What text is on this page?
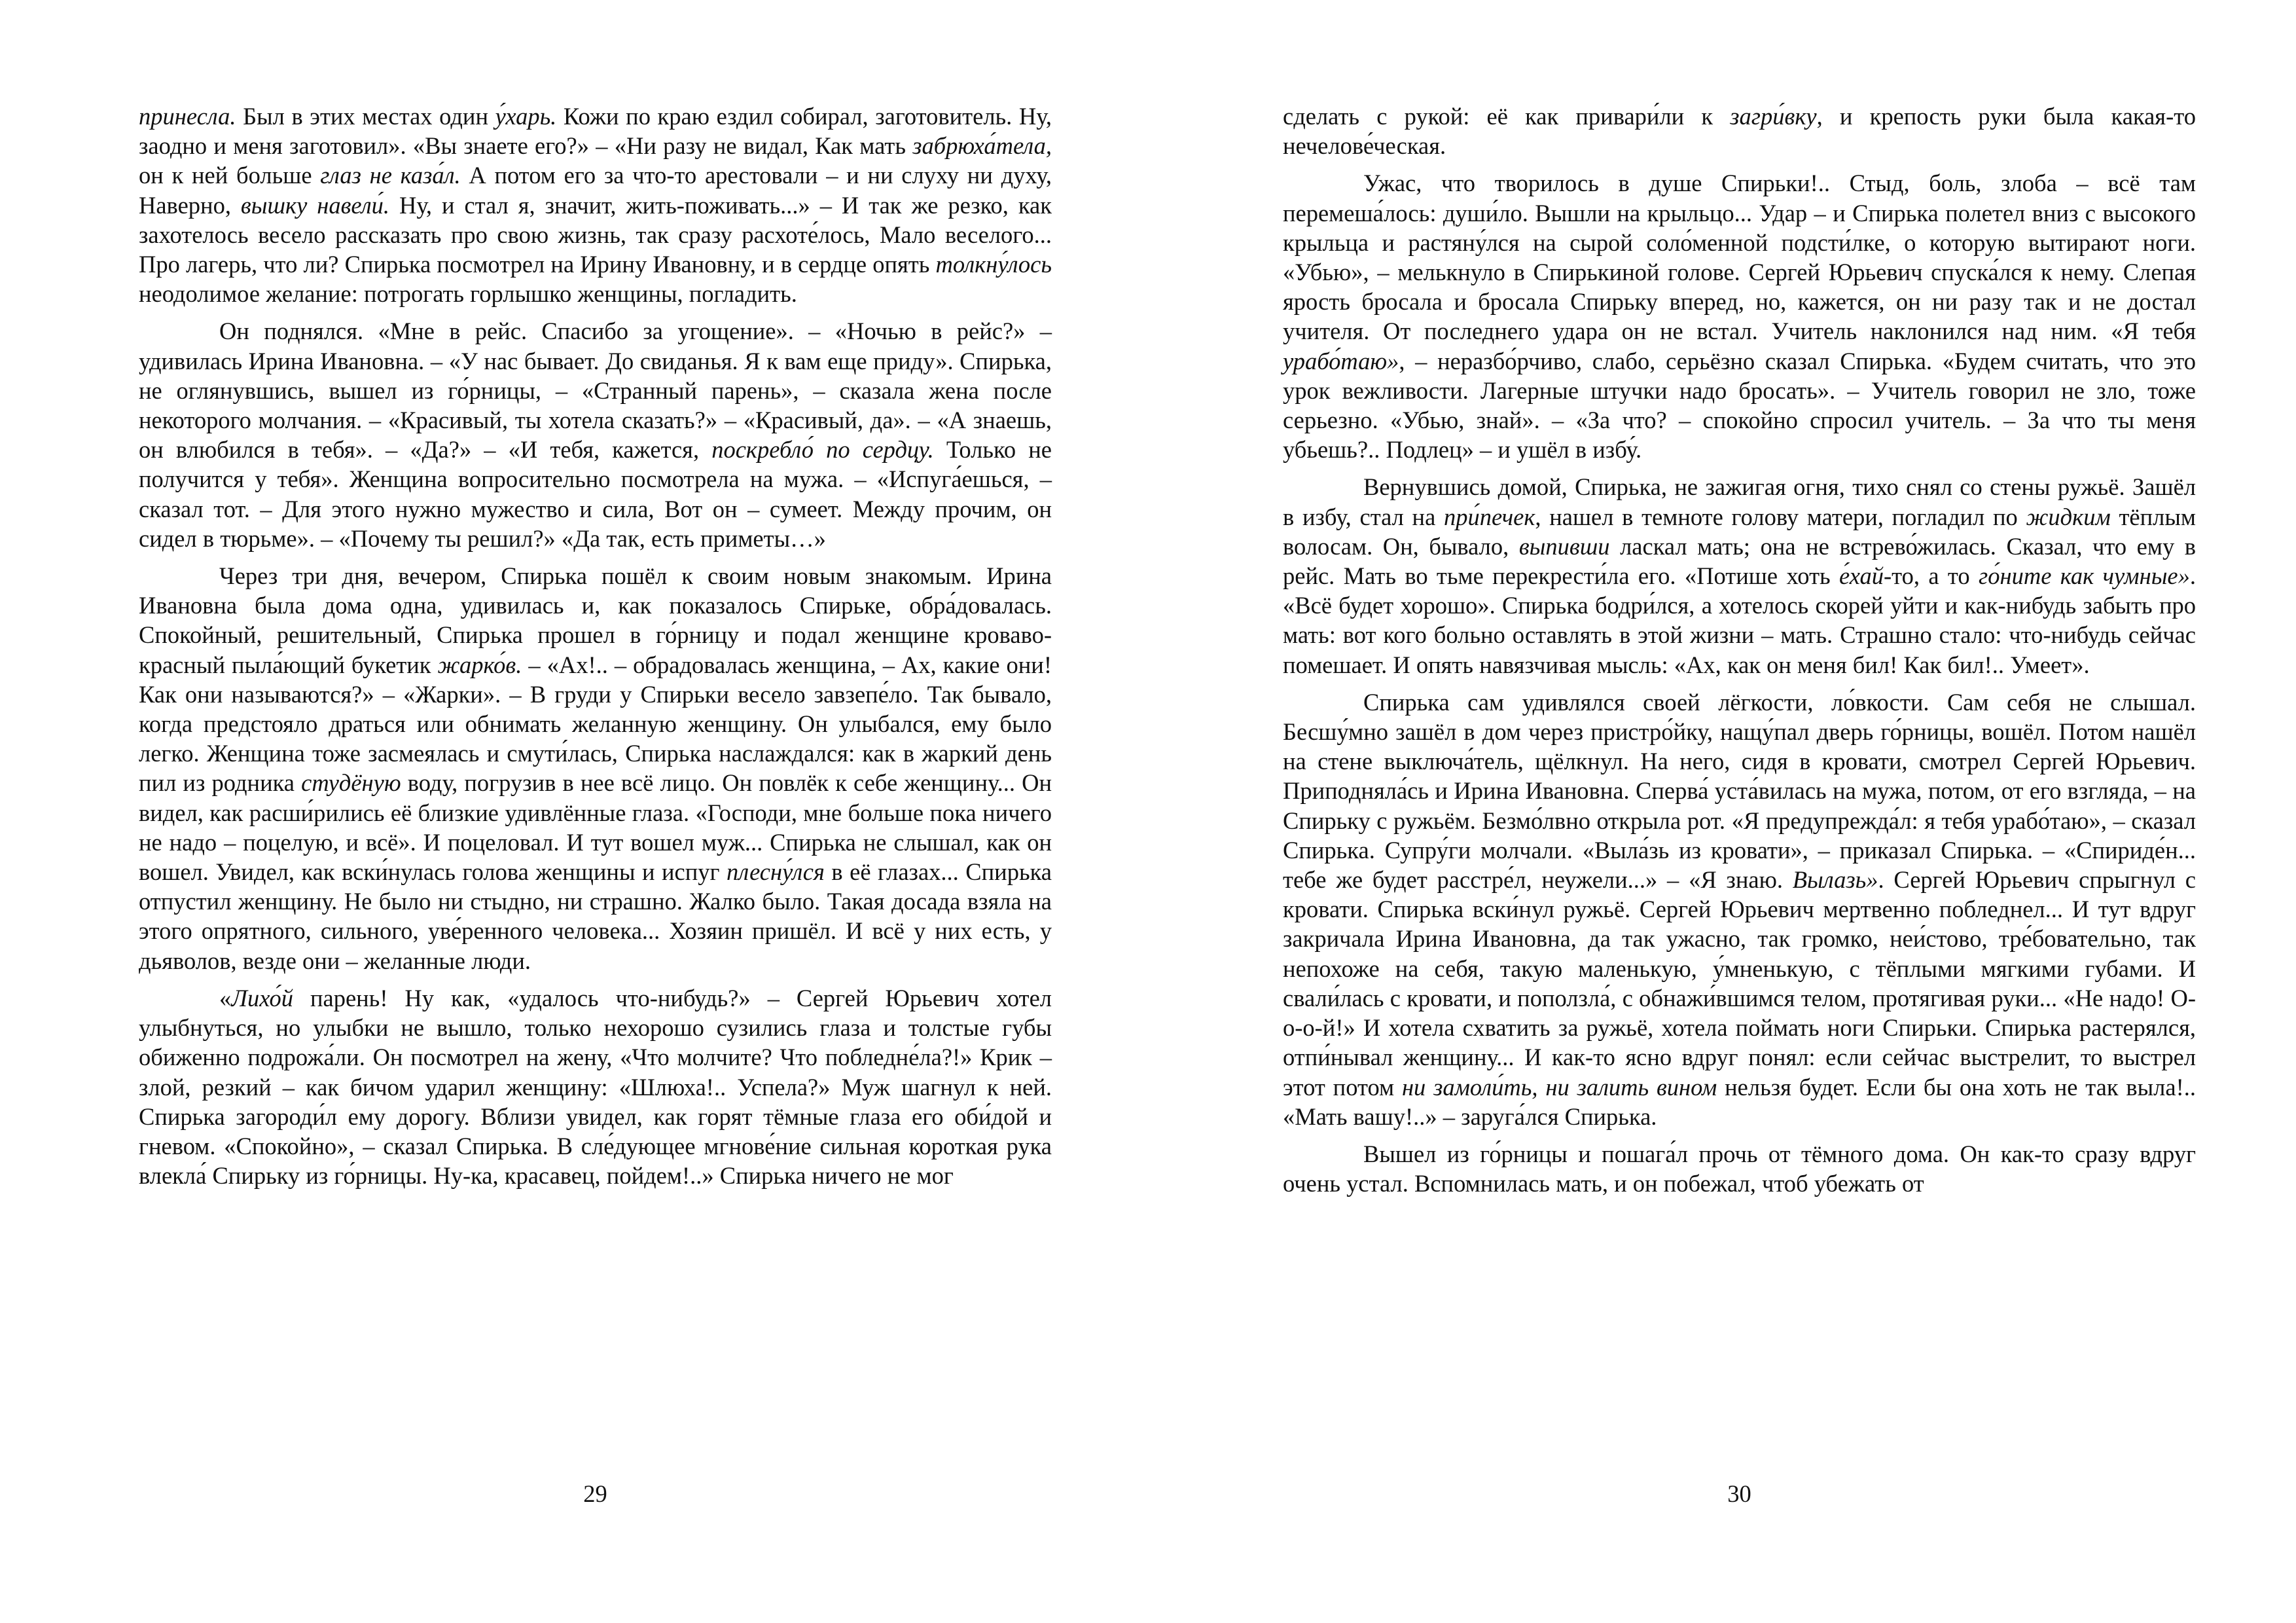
принесла. Был в этих местах один у́харь. Кожи по краю ездил собирал, заготовитель. Ну, заодно и меня заготовил». «Вы знаете его?» – «Ни разу не видал, Как мать забрюха́тела, он к ней больше глаз не каза́л. А потом его за что-то арестовали – и ни слуху ни духу, Наверно, вышку навели́. Ну, и стал я, значит, жить-поживать...» – И так же резко, как захотелось весело рассказать про свою жизнь, так сразу расхоте́лось, Мало веселого... Про лагерь, что ли? Спирька посмотрел на Ирину Ивановну, и в сердце опять толкну́лось неодолимое желание: потрогать горлышко женщины, погладить.

Он поднялся. «Мне в рейс. Спасибо за угощение». – «Ночью в рейс?» – удивилась Ирина Ивановна. – «У нас бывает. До свиданья. Я к вам еще приду». Спирька, не оглянувшись, вышел из го́рницы, – «Странный парень», – сказала жена после некоторого молчания. – «Красивый, ты хотела сказать?» – «Красивый, да». – «А знаешь, он влюбился в тебя». – «Да?» – «И тебя, кажется, поскребло́ по сердцу. Только не получится у тебя». Женщина вопросительно посмотрела на мужа. – «Испуга́ешься, – сказал тот. – Для этого нужно мужество и сила, Вот он – сумеет. Между прочим, он сидел в тюрьме». – «Почему ты решил?» «Да так, есть приметы…»

Через три дня, вечером, Спирька пошёл к своим новым знакомым. Ирина Ивановна была дома одна, удивилась и, как показалось Спирьке, обра́довалась. Спокойный, решительный, Спирька прошел в го́рницу и подал женщине кроваво-красный пыла́ющий букетик жарко́в. – «Ах!.. – обрадовалась женщина, – Ах, какие они! Как они называются?» – «Жарки». – В груди у Спирьки весело завзепе́ло. Так бывало, когда предстояло драться или обнимать желанную женщину. Он улыбался, ему было легко. Женщина тоже засмеялась и смути́лась, Спирька наслаждался: как в жаркий день пил из родника студёную воду, погрузив в нее всё лицо. Он повлёк к себе женщину... Он видел, как расши́рились её близкие удивлённые глаза. «Господи, мне больше пока ничего не надо – поцелую, и всё». И поцеловал. И тут вошел муж... Спирька не слышал, как он вошел. Увидел, как вски́нулась голова женщины и испуг плесну́лся в её глазах... Спирька отпустил женщину. Не было ни стыдно, ни страшно. Жалко было. Такая досада взяла на этого опрятного, сильного, уве́ренного человека... Хозяин пришёл. И всё у них есть, у дьяволов, везде они – желанные люди.

«Лихо́й парень! Ну как, «удалось что-нибудь?» – Сергей Юрьевич хотел улыбнуться, но улыбки не вышло, только нехорошо сузились глаза и толстые губы обиженно подрожа́ли. Он посмотрел на жену, «Что молчите? Что побледне́ла?!» Крик – злой, резкий – как бичом ударил женщину: «Шлюха!.. Успела?» Муж шагнул к ней. Спирька загороди́л ему дорогу. Вблизи увидел, как горят тёмные глаза его оби́дой и гневом. «Спокойно», – сказал Спирька. В сле́дующее мгнове́ние сильная короткая рука влекла́ Спирьку из го́рницы. Ну-ка, красавец, пойдем!..» Спирька ничего не мог

29

сделать с рукой: её как привари́ли к загри́вку, и крепость руки была какая-то нечелове́ческая.

Ужас, что творилось в душе Спирьки!.. Стыд, боль, злоба – всё там перемеша́лось: души́ло. Вышли на крыльцо... Удар – и Спирька полетел вниз с высокого крыльца и растяну́лся на сырой соло́менной подсти́лке, о которую вытирают ноги. «Убью», – мелькнуло в Спирькиной голове. Сергей Юрьевич спуска́лся к нему. Слепая ярость бросала и бросала Спирьку вперед, но, кажется, он ни разу так и не достал учителя. От последнего удара он не встал. Учитель наклонился над ним. «Я тебя урабо́таю», – неразбо́рчиво, слабо, серьёзно сказал Спирька. «Будем считать, что это урок вежливости. Лагерные штучки надо бросать». – Учитель говорил не зло, тоже серьезно. «Убью, знай». – «За что? – спокойно спросил учитель. – За что ты меня убьешь?.. Подлец» – и ушёл в избу́.

Вернувшись домой, Спирька, не зажигая огня, тихо снял со стены ружьё. Зашёл в избу, стал на при́печек, нашел в темноте голову матери, погладил по жидким тёплым волосам. Он, бывало, выпивши ласкал мать; она не встрево́жилась. Сказал, что ему в рейс. Мать во тьме перекрести́ла его. «Потише хоть е́хай-то, а то го́ните как чумные». «Всё будет хорошо». Спирька бодри́лся, а хотелось скорей уйти и как-нибудь забыть про мать: вот кого больно оставлять в этой жизни – мать. Страшно стало: что-нибудь сейчас помешает. И опять навязчивая мысль: «Ах, как он меня бил! Как бил!.. Умеет».

Спирька сам удивлялся своей лёгкости, ло́вкости. Сам себя не слышал. Бесшу́мно зашёл в дом через пристро́йку, нащу́пал дверь го́рницы, вошёл. Потом нашёл на стене выключа́тель, щёлкнул. На него, сидя в кровати, смотрел Сергей Юрьевич. Приподняла́сь и Ирина Ивановна. Сперва́ уста́вилась на мужа, потом, от его взгляда, – на Спирьку с ружьём. Безмо́лвно открыла рот. «Я предупрежда́л: я тебя урабо́таю», – сказал Спирька. Супру́ги молчали. «Выла́зь из кровати», – приказал Спирька. – «Спириде́н... тебе же будет расстре́л, неужели...» – «Я знаю. Вылазь». Сергей Юрьевич спрыгнул с кровати. Спирька вски́нул ружьё. Сергей Юрьевич мертвенно побледнел... И тут вдруг закричала Ирина Ивановна, да так ужасно, так громко, неи́стово, тре́бовательно, так непохоже на себя, такую маленькую, у́мненькую, с тёплыми мягкими губами. И свали́лась с кровати, и поползла́, с обнажи́вшимся телом, протягивая руки... «Не надо! О-о-о-й!» И хотела схватить за ружьё, хотела поймать ноги Спирьки. Спирька растерялся, отпи́нывал женщину... И как-то ясно вдруг понял: если сейчас выстрелит, то выстрел этот потом ни замоли́ть, ни залить вином нельзя будет. Если бы она хоть не так выла!.. «Мать вашу!..» – заруга́лся Спирька.

Вышел из го́рницы и пошага́л прочь от тёмного дома. Он как-то сразу вдруг очень устал. Вспомнилась мать, и он побежал, чтоб убежать от

30
